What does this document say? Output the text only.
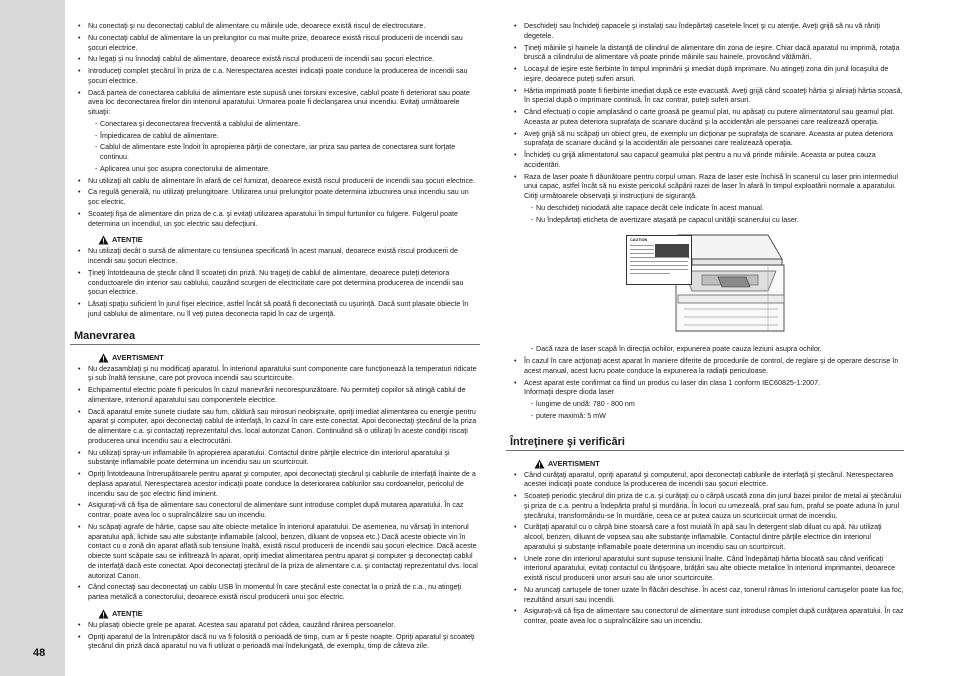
48
• Nu conectaţi şi nu deconectaţi cablul de alimentare cu mâinile ude, deoarece există riscul de electrocutare.
• Nu conectaţi cablul de alimentare la un prelungitor cu mai multe prize, deoarece există riscul producerii de incendii sau şocuri electrice.
• Nu legaţi şi nu înnodaţi cablul de alimentare, deoarece există riscul producerii de incendii sau şocuri electrice.
• Introduceţi complet ştecărul în priza de c.a. Nerespectarea acestei indicaţii poate conduce la producerea de incendii sau şocuri electrice.
• Dacă partea de conectarea cablului de alimentare este supusă unei torsiuni excesive, cablul poate fi deteriorat sau poate avea loc deconectarea firelor din interiorul aparatului. Urmarea poate fi declanşarea unui incendiu. Evitaţi următoarele situaţii:
- Conectarea şi deconectarea frecventă a cablului de alimentare.
- Împiedicarea de cablul de alimentare.
- Cablul de alimentare este îndoit în apropierea părţii de conectare, iar priza sau partea de conectarea sunt forţate continuu.
- Aplicarea unui şoc asupra conectorului de alimentare.
• Nu utilizaţi alt cablu de alimentare în afară de cel furnizat, deoarece există riscul producerii de incendii sau şocuri electrice.
• Ca regulă generală, nu utilizaţi prelungitoare. Utilizarea unui prelungitor poate determina izbucnirea unui incendiu sau un şoc electric.
• Scoateţi fişa de alimentare din priza de c.a. şi evitaţi utilizarea aparatului în timpul furtunilor cu fulgere. Fulgerul poate determina un incendiul, un şoc electric sau defecţiuni.
ATENŢIE
• Nu utilizaţi decât o sursă de alimentare cu tensiunea specificată în acest manual, deoarece există riscul producerii de incendii sau şocuri electrice.
• Ţineţi întotdeauna de ştecăr când îl scoateţi din priză. Nu trageţi de cablul de alimentare, deoarece puteţi deteriora conductoarele din interior sau cablului, cauzând scurgeri de electricitate care pot determina producerea de incendii sau şocuri electrice.
• Lăsaţi spaţiu suficient în jurul fişei electrice, astfel încât să poată fi deconectată cu uşurinţă. Dacă sunt plasate obiecte în jurul cablului de alimentare, nu îl veţi putea deconecta rapid în caz de urgenţă.
Manevrarea
AVERTISMENT
• Nu dezasamblaţi şi nu modificaţi aparatul. În interiorul aparatului sunt componente care funcţionează la temperaturi ridicate şi sub înaltă tensiune, care pot provoca incendii sau scurtcircuite.
• Echipamentul electric poate fi periculos în cazul manevrării necorespunzătoare. Nu permiteţi copiilor să atingă cablul de alimentare, interiorul aparatului sau componentele electrice.
• Dacă aparatul emite sunete ciudate sau fum, căldură sau mirosuri neobişnuite, opriţi imediat alimentarea cu energie pentru aparat şi computer, apoi deconectaţi cablul de interfaţă, în cazul în care este conectat. Apoi deconectaţi ştecărul de la priza de alimentare c.a. şi contactaţi reprezentatul dvs. local autorizat Canon. Continuând să o utilizaţi în aceste condiţii riscaţi producerea unui incendiu sau a electrocutării.
• Nu utilizaţi spray-uri inflamabile în apropierea aparatului. Contactul dintre părţile electrice din interiorul aparatului şi substanţe inflamabile poate determina un incendiu sau un scurtcircuit.
• Opriţi întotdeauna întrerupătoarele pentru aparat şi computer, apoi deconectaţi ştecărul şi cablurile de interfaţă înainte de a deplasa aparatul. Nerespectarea acestor indicaţii poate conduce la deteriorarea cablurilor sau cordoanelor, pericolul de incendiu sau de şoc electric fiind iminent.
• Asiguraţi-vă că fişa de alimentare sau conectorul de alimentare sunt introduse complet după mutarea aparatului. În caz contrar, poate avea loc o supraîncălzire sau un incendiu.
• Nu scăpaţi agrafe de hârtie, capse sau alte obiecte metalice în interiorul aparatului. De asemenea, nu vărsaţi în interiorul aparatului apă, lichide sau alte substanţe inflamabile (alcool, benzen, diluant de vopsea etc.) Dacă aceste obiecte vin în contact cu o zonă din aparat aflată sub tensiune înaltă, există riscul producerii de incendii sau şocuri electrice. Dacă aceste obiecte sunt scăpate sau se infiltrează în aparat, opriţi imediat alimentarea pentru aparat şi computer şi deconectaţi cablul de interfaţă dacă este conectat. Apoi deconectaţi ştecărul de la priza de alimentare c.a. şi contactaţi reprezentatul dvs. local autorizat Canon.
• Când conectaţi sau deconectaţi un cablu USB în momentul în care ştecărul este conectat la o priză de c.a., nu atingeţi partea metalică a conectorului, deoarece există riscul producerii unui şoc electric.
ATENŢIE
• Nu plasaţi obiecte grele pe aparat. Acestea sau aparatul pot cădea, cauzând rănirea persoanelor.
• Opriţi aparatul de la întrerupător dacă nu va fi folosită o perioadă de timp, cum ar fi peste noapte. Opriţi aparatul şi scoateţi ştecărul din priză dacă aparatul nu va fi utilizat o perioadă mai îndelungată, de exemplu, timp de câteva zile.
• Deschideţi sau închideţi capacele şi instalaţi sau îndepărtaţi casetele încet şi cu atenţie. Aveţi grijă să nu vă răniţi degetele.
• Ţineţi mâinile şi hainele la distanţă de cilindrul de alimentare din zona de ieşire. Chiar dacă aparatul nu imprimă, rotaţia bruscă a cilindrului de alimentare vă poate prinde mâinile sau hainele, provocând vătămări.
• Locaşul de ieşire este fierbinte în timpul imprimării şi imediat după imprimare. Nu atingeţi zona din jurul locaşului de ieşire, deoarece puteţi suferi arsuri.
• Hârtia imprimată poate fi fierbinte imediat după ce este evacuată. Aveţi grijă când scoateţi hârtia şi aliniaţi hârtia scoasă, în special după o imprimare continuă. În caz contrar, puteţi suferi arsuri.
• Când efectuaţi o copie amplasând o carte groasă pe geamul plat, nu apăsaţi cu putere alimentatorul sau geamul plat. Aceasta ar putea deteriora suprafaţa de scanare ducând şi la accidentări ale persoanei care realizează operaţia.
• Aveţi grijă să nu scăpaţi un obiect greu, de exemplu un dicţionar pe suprafaţa de scanare. Aceasta ar putea deteriora suprafaţa de scanare ducând şi la accidentări ale persoanei care realizează operaţia.
• Închideţi cu grijă alimentatorul sau capacul geamului plat pentru a nu vă prinde mâinile. Aceasta ar putea cauza accidentări.
• Raza de laser poate fi dăunătoare pentru corpul uman. Raza de laser este închisă în scanerul cu laser prin intermediul unui capac, astfel încât să nu existe pericolul scăpării razei de laser în afară în timpul exploatării normale a aparatului. Citiţi următoarele observaţii şi instrucţiuni de siguranţă.
- Nu deschideţi niciodată alte capace decât cele indicate în acest manual.
- Nu îndepărtaţi eticheta de avertizare ataşată pe capacul unităţii scanerului cu laser.
CAUTION
- Dacă raza de laser scapă în direcţia ochilor, expunerea poate cauza leziuni asupra ochilor.
• În cazul în care acţionaţi acest aparat în maniere diferite de procedurile de control, de reglare şi de operare descrise în acest manual, acest lucru poate conduce la expunerea la radiaţii periculoase.
• Acest aparat este confirmat ca fiind un produs cu laser din clasa 1 conform IEC60825-1:2007.
Informaţii despre dioda laser
- lungime de undă: 780 - 800 nm
- putere maximă: 5 mW
Întreţinere şi verificări
AVERTISMENT
• Când curăţaţi aparatul, opriţi aparatul şi computerul, apoi deconectaţi cablurile de interfaţă şi ştecărul. Nerespectarea acestei indicaţii poate conduce la producerea de incendii sau şocuri electrice.
• Scoateţi periodic ştecărul din priza de c.a. şi curăţaţi cu o cârpă uscată zona din jurul bazei pinilor de metal ai ştecărului şi priza de c.a. pentru a îndepărta praful şi murdăria. În locuri cu umezeală, praf sau fum, praful se poate aduna în jurul ştecărului, transformându-se în murdărie, ceea ce ar putea cauza un scurtcircuit urmat de incendiu.
• Curăţaţi aparatul cu o cârpă bine stoarsă care a fost muiată în apă sau în detergent slab diluat cu apă. Nu utilizaţi alcool, benzen, diluant de vopsea sau alte substanţe inflamabile. Contactul dintre părţile electrice din interiorul aparatului şi substanţe inflamabile poate determina un incendiu sau un scurtcircuit.
• Unele zone din interiorul aparatului sunt supuse tensiunii înalte. Când îndepărtaţi hârtia blocată sau când verificaţi interiorul aparatului, evitaţi contactul cu lănţişoare, brăţări sau alte obiecte metalice în interiorul imprimantei, deoarece există riscul producerii unor arsuri sau ale unor scurtcircuite.
• Nu aruncaţi cartuşele de toner uzate în flăcări deschise. În acest caz, tonerul rămas în interiorul cartuşelor poate lua foc, rezultând arsuri sau incendii.
• Asiguraţi-vă că fişa de alimentare sau conectorul de alimentare sunt introduse complet după curăţarea aparatului. În caz contrar, poate avea loc o supraîncălzire sau un incendiu.
